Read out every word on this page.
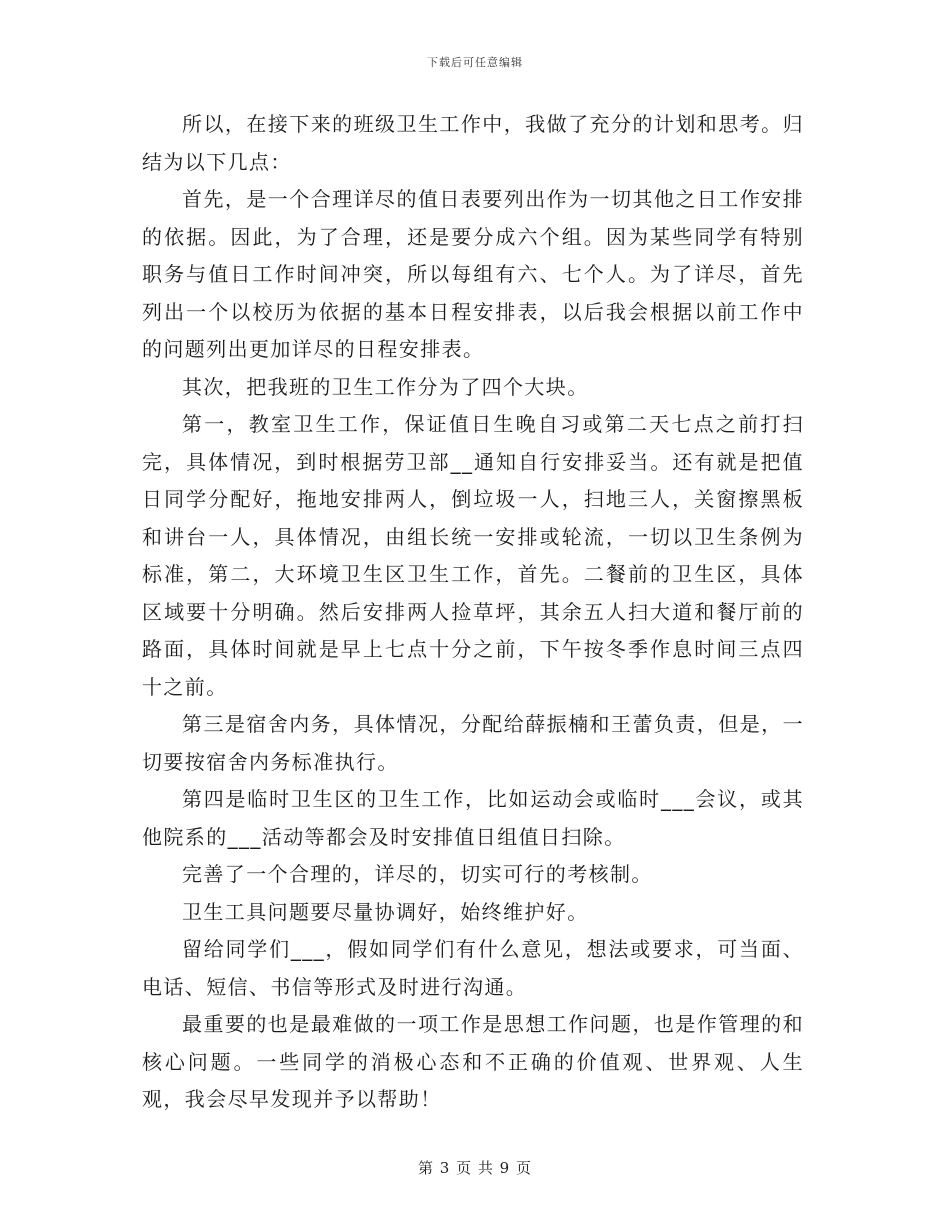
下载后可任意编辑

所以，在接下来的班级卫生工作中，我做了充分的计划和思考。归结为以下几点：

首先，是一个合理详尽的值日表要列出作为一切其他之日工作安排的依据。因此，为了合理，还是要分成六个组。因为某些同学有特别职务与值日工作时间冲突，所以每组有六、七个人。为了详尽，首先列出一个以校历为依据的基本日程安排表，以后我会根据以前工作中的问题列出更加详尽的日程安排表。

其次，把我班的卫生工作分为了四个大块。

第一，教室卫生工作，保证值日生晚自习或第二天七点之前打扫完，具体情况，到时根据劳卫部__通知自行安排妥当。还有就是把值日同学分配好，拖地安排两人，倒垃圾一人，扫地三人，关窗擦黑板和讲台一人，具体情况，由组长统一安排或轮流，一切以卫生条例为标准，第二，大环境卫生区卫生工作，首先。二餐前的卫生区，具体区域要十分明确。然后安排两人捡草坪，其余五人扫大道和餐厅前的路面，具体时间就是早上七点十分之前，下午按冬季作息时间三点四十之前。

第三是宿舍内务，具体情况，分配给薛振楠和王蕾负责，但是，一切要按宿舍内务标准执行。

第四是临时卫生区的卫生工作，比如运动会或临时___会议，或其他院系的___活动等都会及时安排值日组值日扫除。

完善了一个合理的，详尽的，切实可行的考核制。

卫生工具问题要尽量协调好，始终维护好。

留给同学们___，假如同学们有什么意见，想法或要求，可当面、电话、短信、书信等形式及时进行沟通。

最重要的也是最难做的一项工作是思想工作问题，也是作管理的和核心问题。一些同学的消极心态和不正确的价值观、世界观、人生观，我会尽早发现并予以帮助！

第 3 页 共 9 页
